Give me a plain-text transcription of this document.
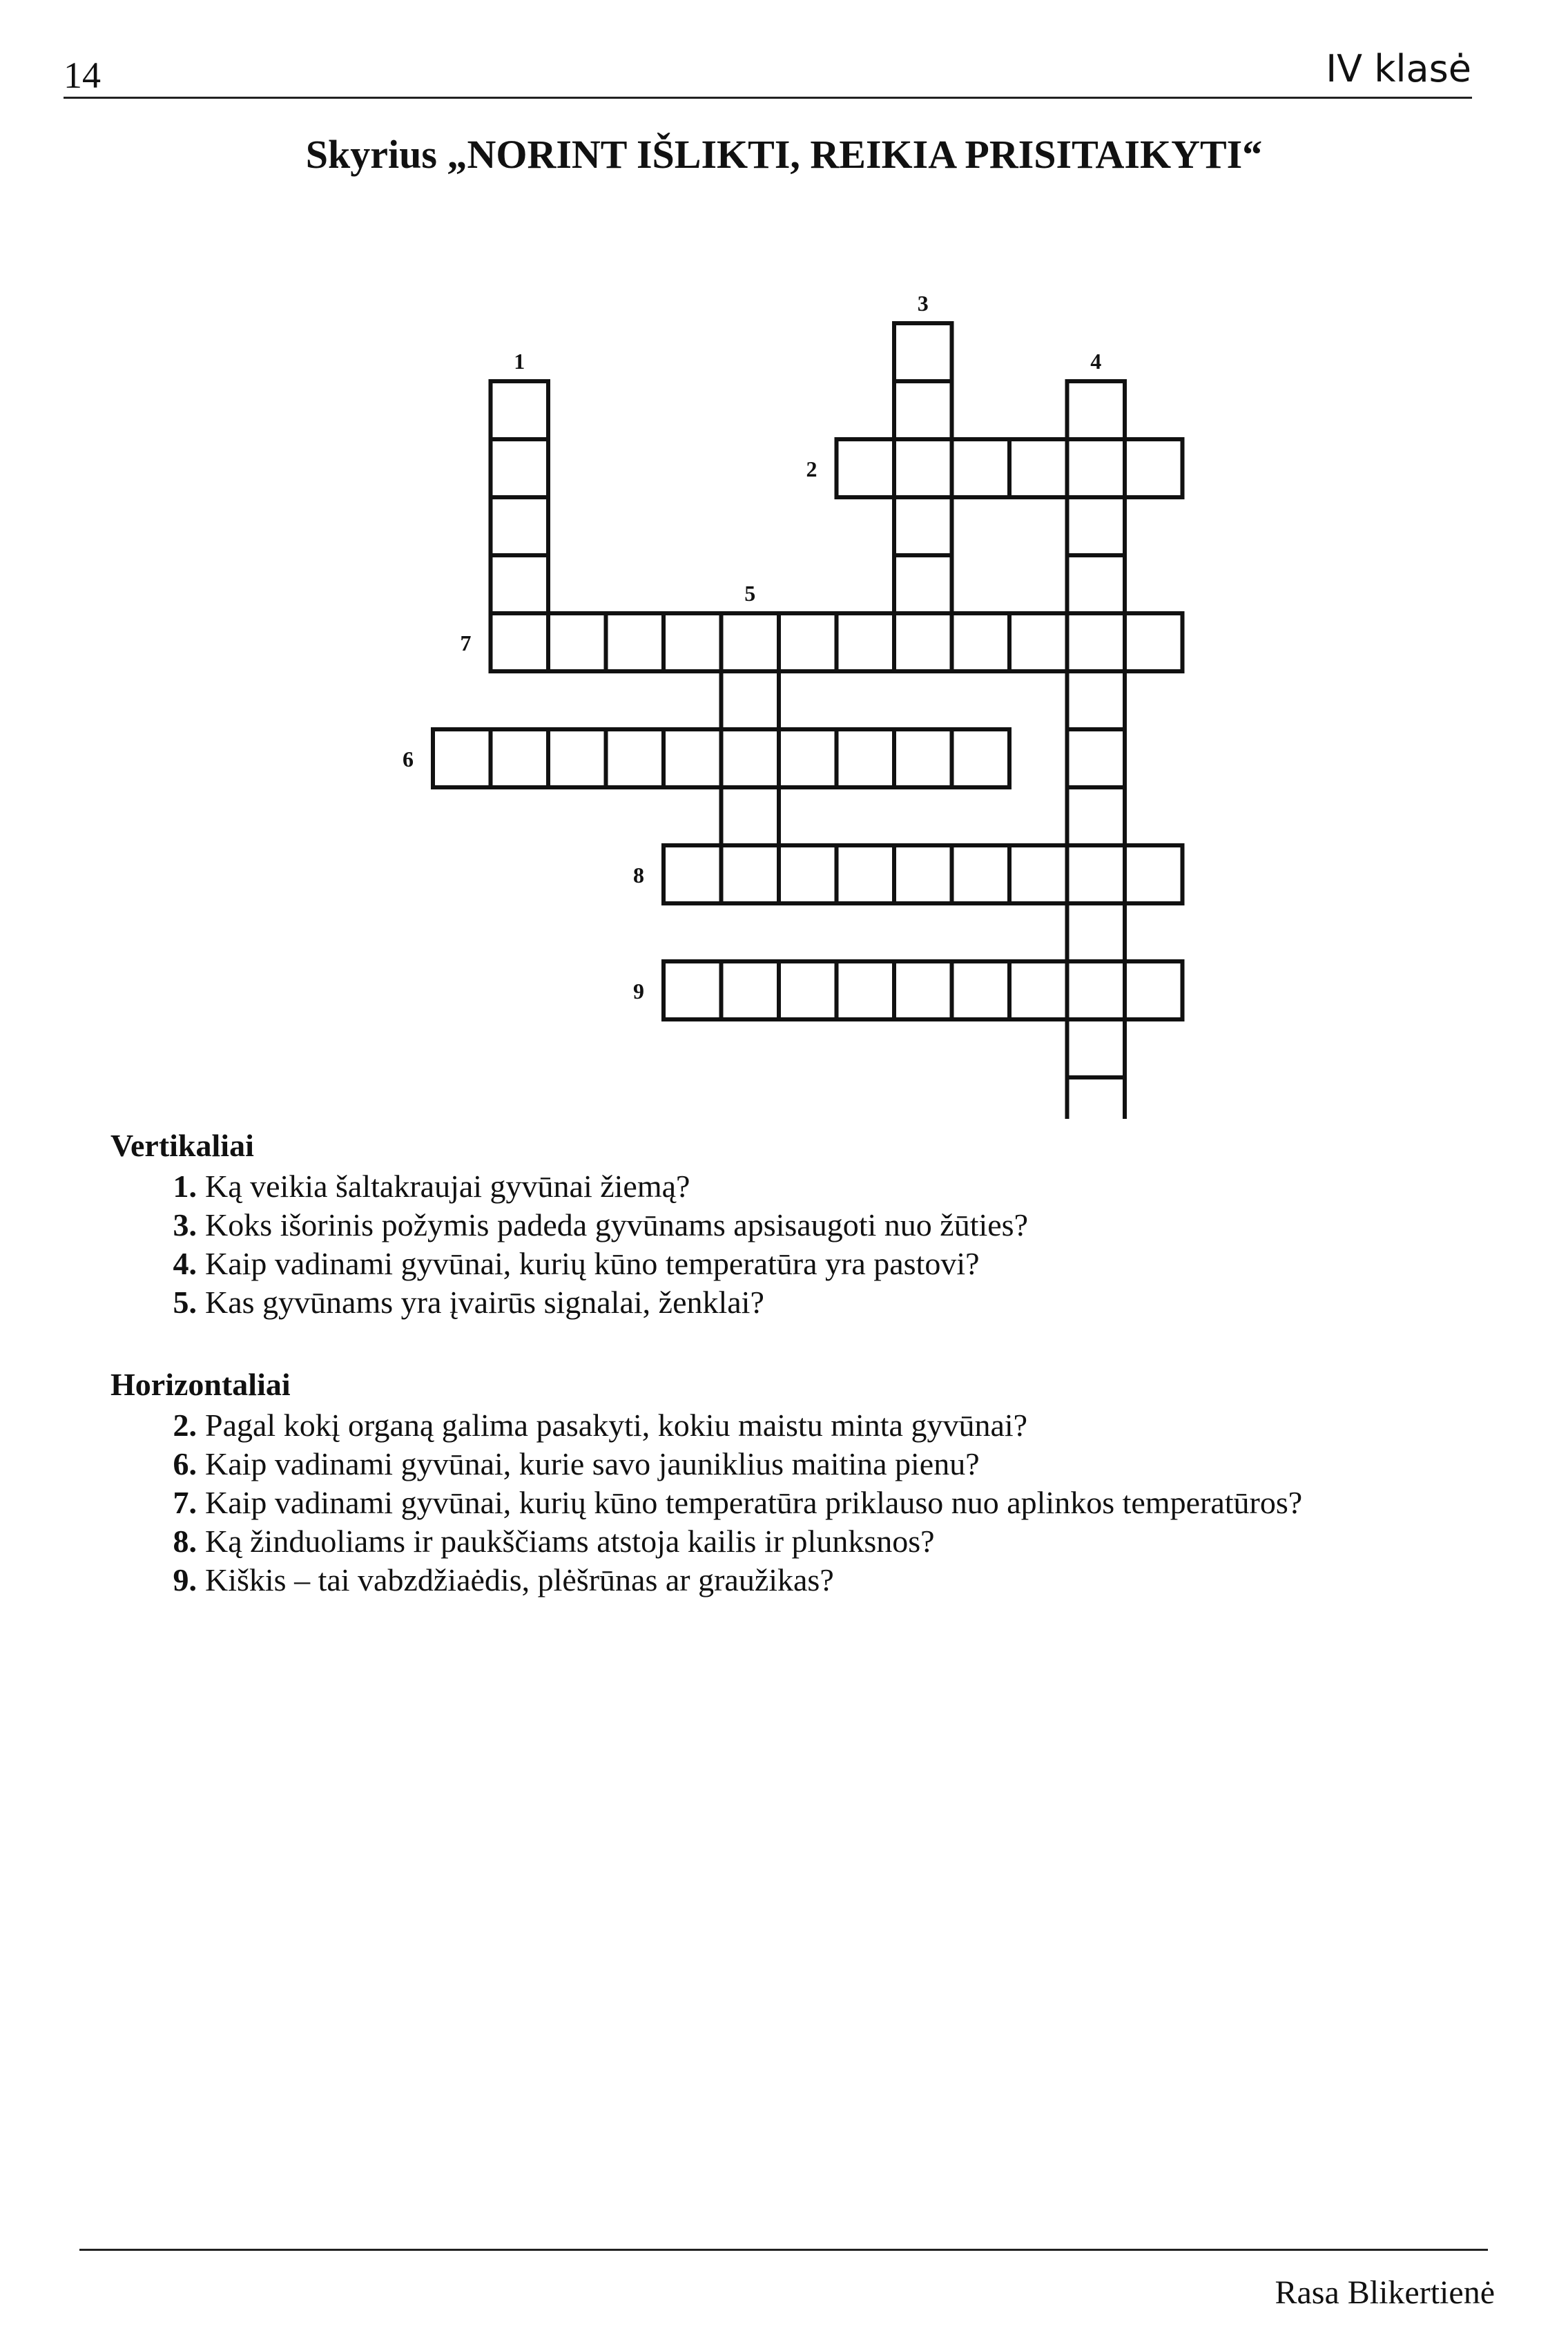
14	IV klasė
Skyrius „NORINT IŠLIKTI, REIKIA PRISITAIKYTI“
1
2
3
4
5
6
7
8
9
Vertikaliai
1. Ką veikia šaltakraujai gyvūnai žiemą?
3. Koks išorinis požymis padeda gyvūnams apsisaugoti nuo žūties?
4. Kaip vadinami gyvūnai, kurių kūno temperatūra yra pastovi?
5. Kas gyvūnams yra įvairūs signalai, ženklai?
Horizontaliai
2. Pagal kokį organą galima pasakyti, kokiu maistu minta gyvūnai?
6. Kaip vadinami gyvūnai, kurie savo jauniklius maitina pienu?
7. Kaip vadinami gyvūnai, kurių kūno temperatūra priklauso nuo aplinkos temperatūros?
8. Ką žinduoliams ir paukščiams atstoja kailis ir plunksnos?
9. Kiškis – tai vabzdžiaėdis, plėšrūnas ar graužikas?
Rasa Blikertienė
